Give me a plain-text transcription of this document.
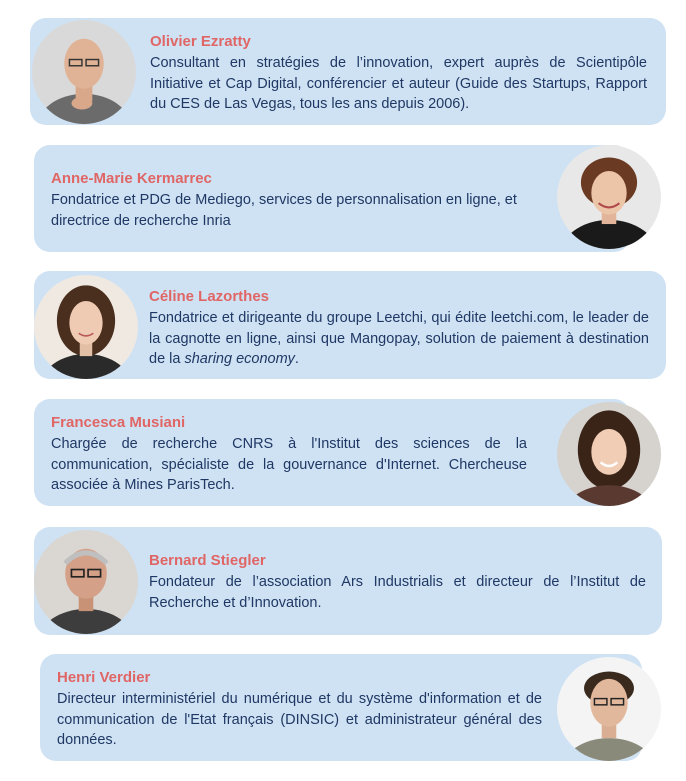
Olivier Ezratty
Consultant en stratégies de l’innovation, expert auprès de Scientipôle Initiative et Cap Digital, conférencier et auteur (Guide des Startups, Rapport du CES de Las Vegas, tous les ans depuis 2006).
Anne-Marie Kermarrec
Fondatrice et PDG de Mediego, services de personnalisation en ligne, et directrice de recherche Inria
Céline Lazorthes
Fondatrice et dirigeante du groupe Leetchi, qui édite leetchi.com, le leader de la cagnotte en ligne, ainsi que Mangopay, solution de paiement à destination de la sharing economy.
Francesca Musiani
Chargée de recherche CNRS à l'Institut des sciences de la communication, spécialiste de la gouvernance d'Internet. Chercheuse associée à Mines ParisTech.
Bernard Stiegler
Fondateur de l’association Ars Industrialis et directeur de l’Institut de Recherche et d’Innovation.
Henri Verdier
Directeur interministériel du numérique et du système d'information et de communication de l'Etat français (DINSIC) et administrateur général des données.
